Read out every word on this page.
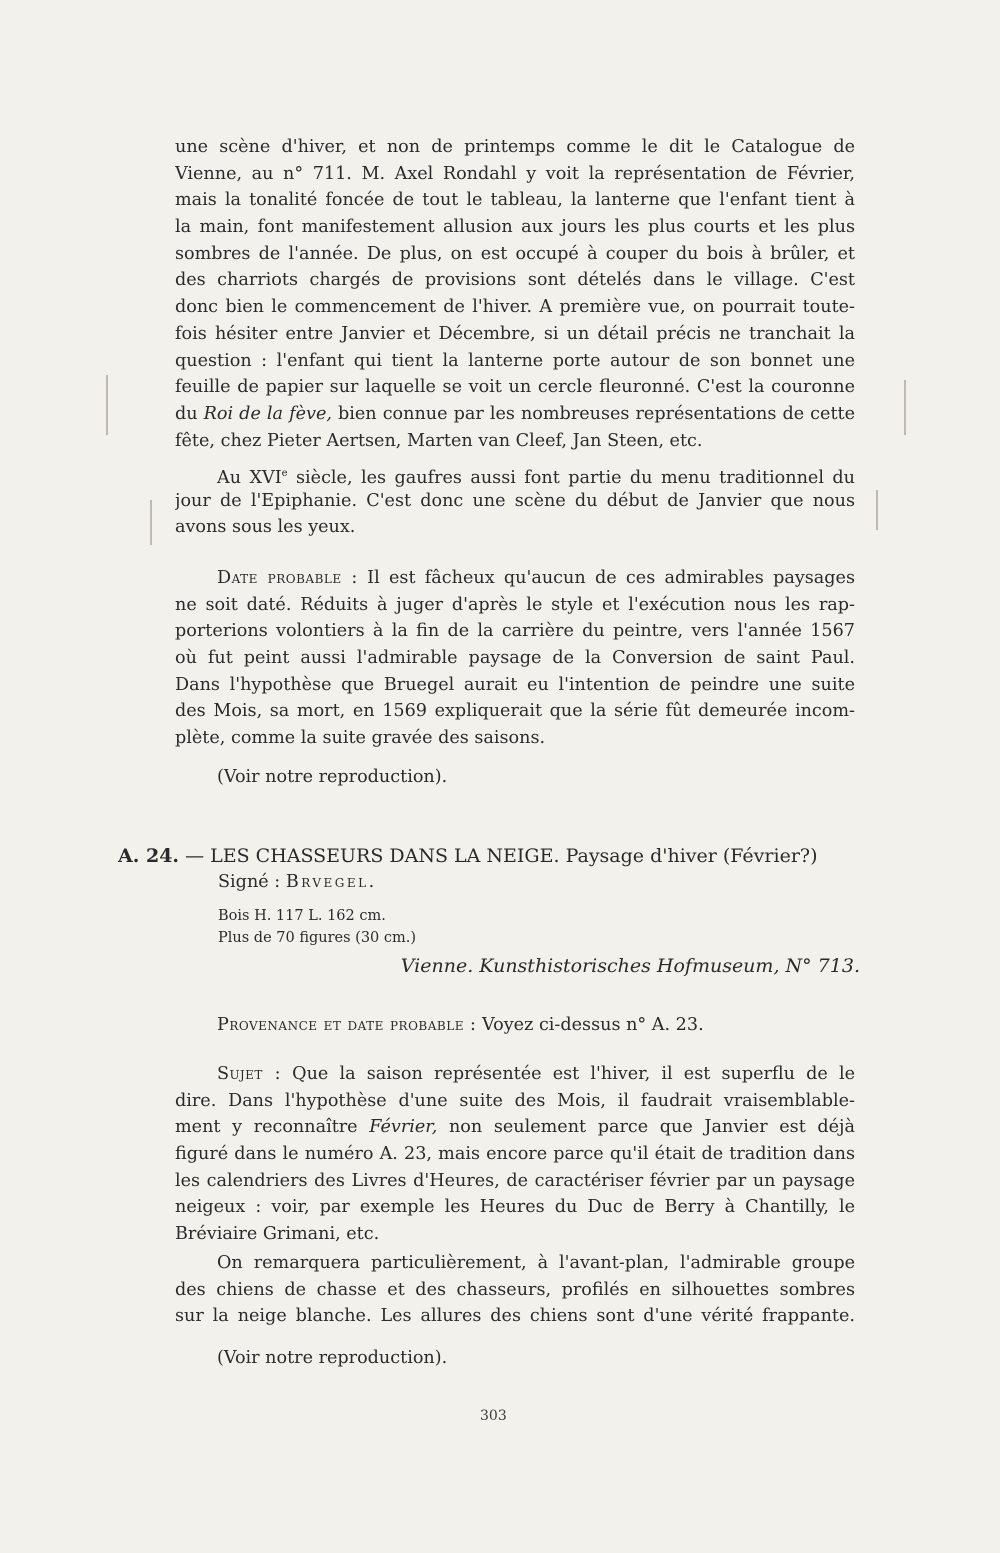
une scène d'hiver, et non de printemps comme le dit le Catalogue de
Vienne, au n° 711. M. Axel Rondahl y voit la représentation de Février,
mais la tonalité foncée de tout le tableau, la lanterne que l'enfant tient à
la main, font manifestement allusion aux jours les plus courts et les plus
sombres de l'année. De plus, on est occupé à couper du bois à brûler, et
des charriots chargés de provisions sont dételés dans le village. C'est
donc bien le commencement de l'hiver. A première vue, on pourrait toute-
fois hésiter entre Janvier et Décembre, si un détail précis ne tranchait la
question : l'enfant qui tient la lanterne porte autour de son bonnet une
feuille de papier sur laquelle se voit un cercle fleuronné. C'est la couronne
du Roi de la fève, bien connue par les nombreuses représentations de cette
fête, chez Pieter Aertsen, Marten van Cleef, Jan Steen, etc.
Au XVIe siècle, les gaufres aussi font partie du menu traditionnel du
jour de l'Epiphanie. C'est donc une scène du début de Janvier que nous
avons sous les yeux.
Date probable : Il est fâcheux qu'aucun de ces admirables paysages
ne soit daté. Réduits à juger d'après le style et l'exécution nous les rap-
porterions volontiers à la fin de la carrière du peintre, vers l'année 1567
où fut peint aussi l'admirable paysage de la Conversion de saint Paul.
Dans l'hypothèse que Bruegel aurait eu l'intention de peindre une suite
des Mois, sa mort, en 1569 expliquerait que la série fût demeurée incom-
plète, comme la suite gravée des saisons.
(Voir notre reproduction).
A. 24. — LES CHASSEURS DANS LA NEIGE. Paysage d'hiver (Février?)
Signé : Brvegel.
Bois H. 117 L. 162 cm.
Plus de 70 figures (30 cm.)
Vienne. Kunsthistorisches Hofmuseum, N° 713.
Provenance et date probable : Voyez ci-dessus n° A. 23.
Sujet : Que la saison représentée est l'hiver, il est superflu de le
dire. Dans l'hypothèse d'une suite des Mois, il faudrait vraisemblable-
ment y reconnaître Février, non seulement parce que Janvier est déjà
figuré dans le numéro A. 23, mais encore parce qu'il était de tradition dans
les calendriers des Livres d'Heures, de caractériser février par un paysage
neigeux : voir, par exemple les Heures du Duc de Berry à Chantilly, le
Bréviaire Grimani, etc.
On remarquera particulièrement, à l'avant-plan, l'admirable groupe
des chiens de chasse et des chasseurs, profilés en silhouettes sombres
sur la neige blanche. Les allures des chiens sont d'une vérité frappante.
(Voir notre reproduction).
303
